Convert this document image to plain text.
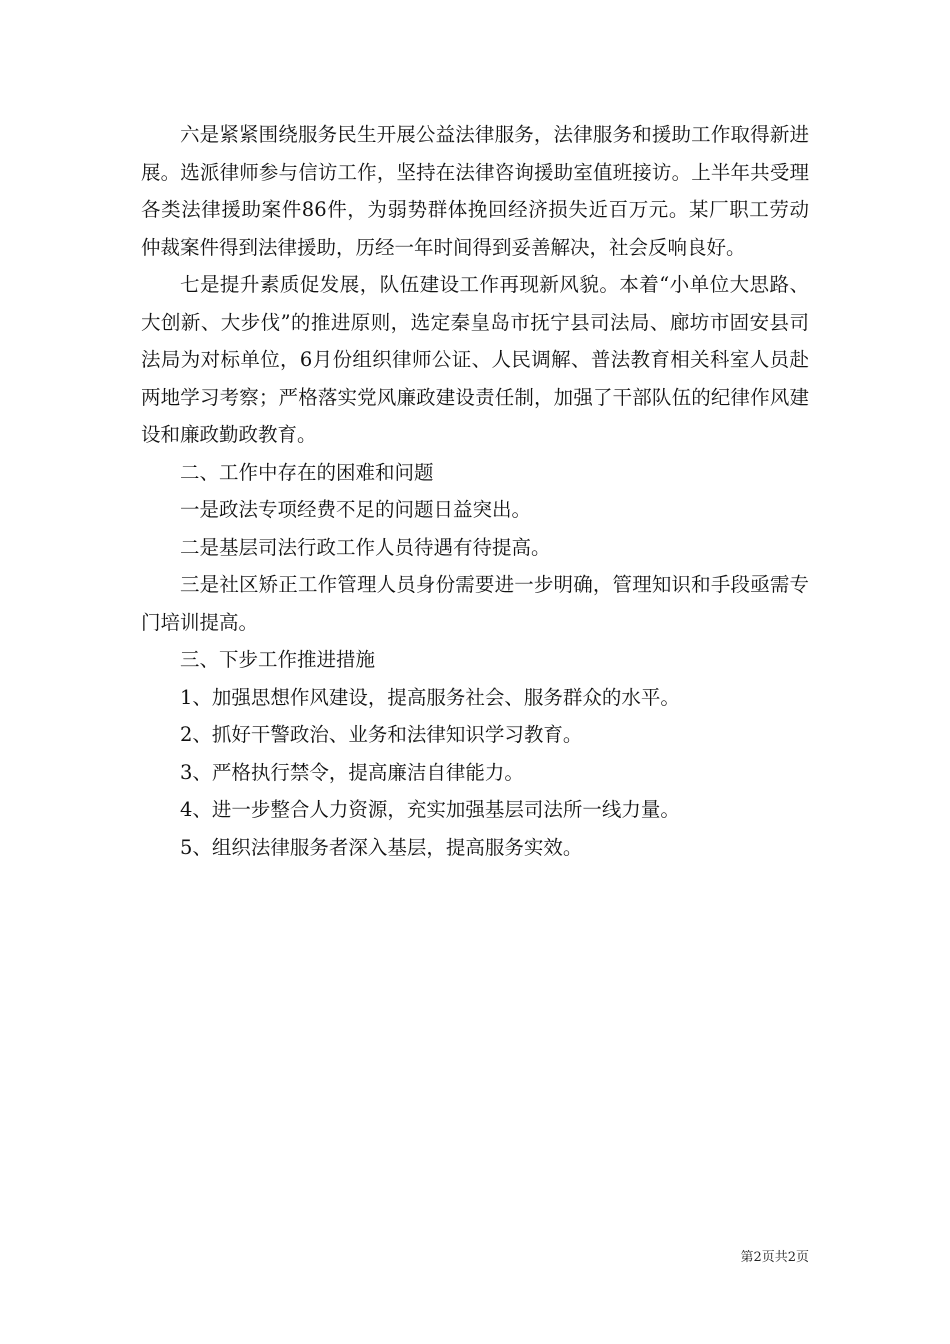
六是紧紧围绕服务民生开展公益法律服务，法律服务和援助工作取得新进展。选派律师参与信访工作，坚持在法律咨询援助室值班接访。上半年共受理各类法律援助案件86件，为弱势群体挽回经济损失近百万元。某厂职工劳动仲裁案件得到法律援助，历经一年时间得到妥善解决，社会反响良好。

七是提升素质促发展，队伍建设工作再现新风貌。本着“小单位大思路、大创新、大步伐”的推进原则，选定秦皇岛市抚宁县司法局、廊坊市固安县司法局为对标单位，6月份组织律师公证、人民调解、普法教育相关科室人员赴两地学习考察；严格落实党风廉政建设责任制，加强了干部队伍的纪律作风建设和廉政勤政教育。

二、工作中存在的困难和问题

一是政法专项经费不足的问题日益突出。

二是基层司法行政工作人员待遇有待提高。

三是社区矫正工作管理人员身份需要进一步明确，管理知识和手段亟需专门培训提高。

三、下步工作推进措施

1、加强思想作风建设，提高服务社会、服务群众的水平。

2、抓好干警政治、业务和法律知识学习教育。

3、严格执行禁令，提高廉洁自律能力。

4、进一步整合人力资源，充实加强基层司法所一线力量。

5、组织法律服务者深入基层，提高服务实效。

第2页共2页
